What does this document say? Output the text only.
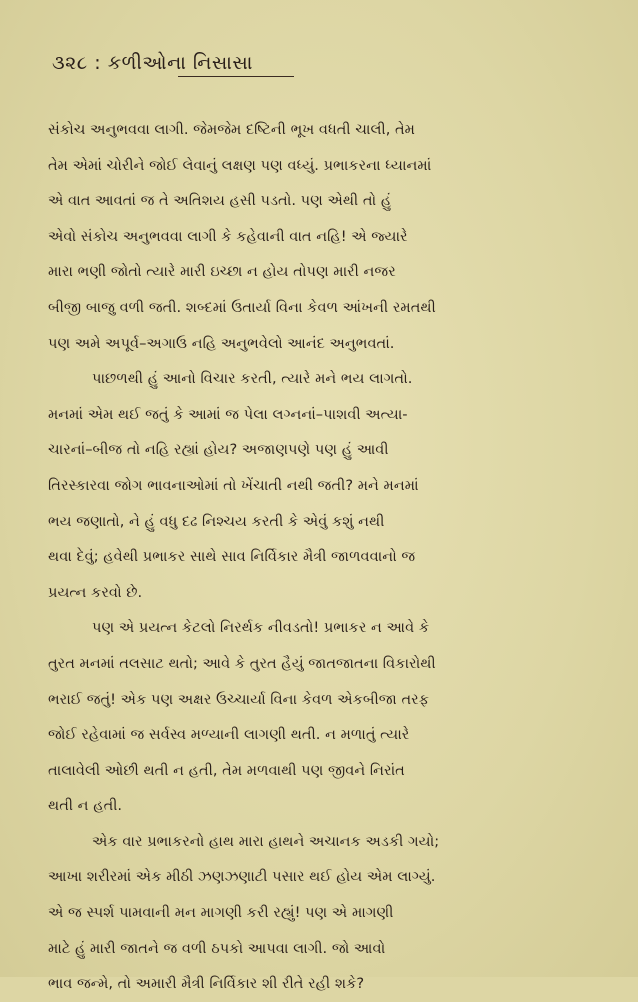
૩૨૮ : કળીઓના નિસાસા
સંકોચ અનુભવવા લાગી. જેમજેમ દષ્ટિની ભૂખ વધતી ચાલી, તેમ
તેમ એમાં ચોરીને જોઈ લેવાનું લક્ષણ પણ વધ્યું. પ્રભાકરના ધ્યાનમાં
એ વાત આવતાં જ તે અતિશય હસી પડતો. પણ એથી તો હું
એવો સંકોચ અનુભવવા લાગી કે કહેવાની વાત નહિ! એ જ્યારે
મારા ભણી જોતો ત્યારે મારી ઇચ્છા ન હોય તોપણ મારી નજર
બીજી બાજુ વળી જતી. શબ્દમાં ઉતાર્યા વિના કેવળ આંખની રમતથી
પણ અમે અપૂર્વ–અગાઉ નહિ અનુભવેલો આનંદ અનુભવતાં.
પાછળથી હું આનો વિચાર કરતી, ત્યારે મને ભય લાગતો.
મનમાં એમ થઈ જતું કે આમાં જ પેલા લગ્નનાં–પાશવી અત્યા-
ચારનાં–બીજ તો નહિ રહ્યાં હોય? અજાણપણે પણ હું આવી
તિરસ્કારવા જોગ ભાવનાઓમાં તો ખેંચાતી નથી જતી? મને મનમાં
ભય જણાતો, ને હું વધુ દઢ નિશ્ચય કરતી કે એવું કશું નથી
થવા દેવું; હવેથી પ્રભાકર સાથે સાવ નિર્વિકાર મૈત્રી જાળવવાનો જ
પ્રયત્ન કરવો છે.
પણ એ પ્રયત્ન કેટલો નિરર્થક નીવડતો! પ્રભાકર ન આવે કે
તુરત મનમાં તલસાટ થતો; આવે કે તુરત હૈયું જાતજાતના વિકારોથી
ભરાઈ જતું! એક પણ અક્ષર ઉચ્ચાર્યા વિના કેવળ એકબીજા તરફ
જોઈ રહેવામાં જ સર્વસ્વ મળ્યાની લાગણી થતી. ન મળાતું ત્યારે
તાલાવેલી ઓછી થતી ન હતી, તેમ મળવાથી પણ જીવને નિરાંત
થતી ન હતી.
એક વાર પ્રભાકરનો હાથ મારા હાથને અચાનક અડકી ગયો;
આખા શરીરમાં એક મીઠી ઝણઝણાટી પસાર થઈ હોય એમ લાગ્યું.
એ જ સ્પર્શ પામવાની મન માગણી કરી રહ્યું! પણ એ માગણી
માટે હું મારી જાતને જ વળી ઠપકો આપવા લાગી. જો આવો
ભાવ જન્મે, તો અમારી મૈત્રી નિર્વિકાર શી રીતે રહી શકે?
